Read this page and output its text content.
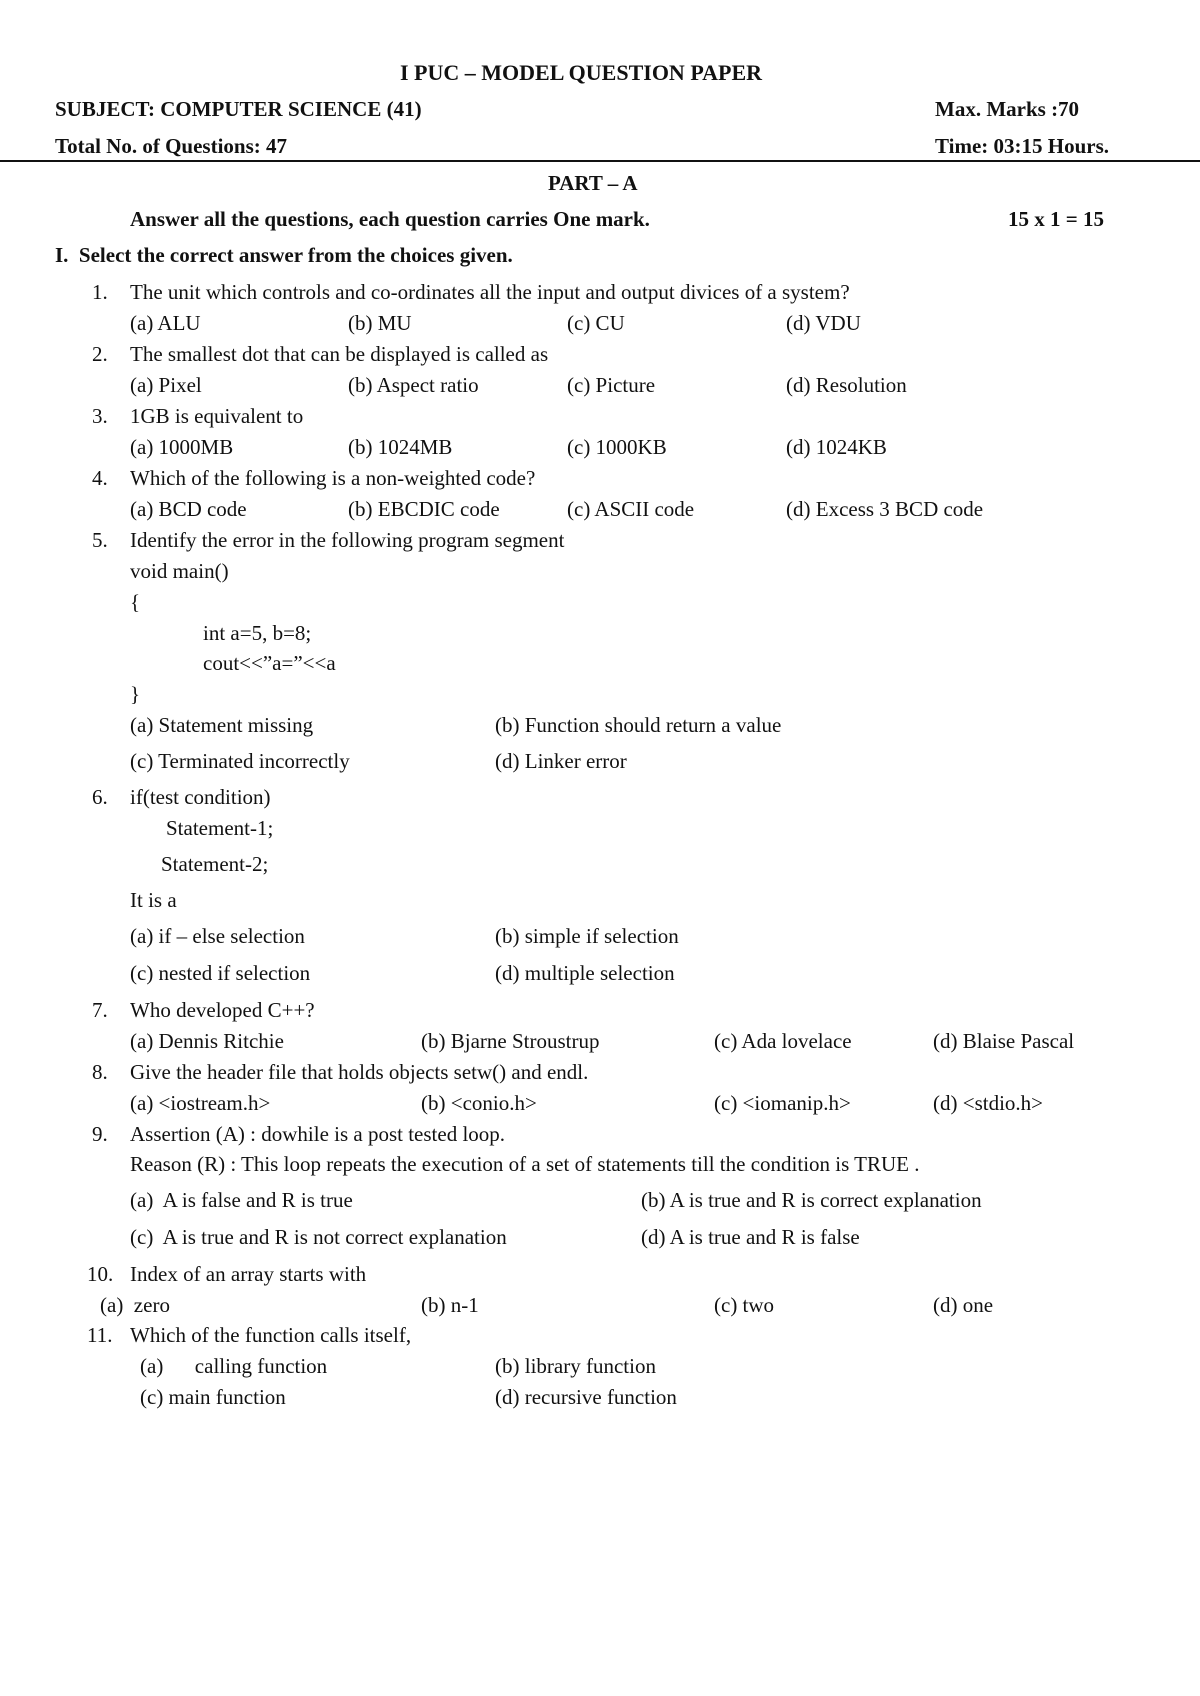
I PUC – MODEL QUESTION PAPER
SUBJECT: COMPUTER SCIENCE (41)	Max. Marks :70
Total No. of Questions: 47	Time: 03:15 Hours.
PART – A
Answer all the questions, each question carries One mark.	15 x 1 = 15
I.  Select the correct answer from the choices given.
1. The unit which controls and co-ordinates all the input and output divices of a system?
(a) ALU	(b) MU	(c) CU	(d) VDU
2. The smallest dot that can be displayed is called as
(a) Pixel	(b) Aspect ratio	(c) Picture	(d) Resolution
3. 1GB is equivalent to
(a) 1000MB	(b) 1024MB	(c) 1000KB	(d) 1024KB
4. Which of the following is a non-weighted code?
(a) BCD code	(b) EBCDIC code	(c) ASCII code	(d) Excess 3 BCD code
5. Identify the error in the following program segment
void main()
{
int a=5, b=8;
cout<<”a=”<<a
}
(a) Statement missing	(b) Function should return a value
(c) Terminated incorrectly	(d) Linker error
6. if(test condition)
Statement-1;
Statement-2;
It is a
(a) if – else selection	(b) simple if selection
(c) nested if selection	(d) multiple selection
7. Who developed C++?
(a) Dennis Ritchie	(b) Bjarne Stroustrup	(c) Ada lovelace	(d) Blaise Pascal
8. Give the header file that holds objects setw() and endl.
(a) <iostream.h>	(b) <conio.h>	(c) <iomanip.h>	(d) <stdio.h>
9. Assertion (A) : dowhile is a post tested loop.
Reason (R) : This loop repeats the execution of a set of statements till the condition is TRUE .
(a)  A is false and R is true	(b) A is true and R is correct explanation
(c)  A is true and R is not correct explanation	(d) A is true and R is false
10. Index of an array starts with
(a)  zero	(b) n-1	(c) two	(d) one
11. Which of the function calls itself,
(a)      calling function	(b) library function
(c) main function	(d) recursive function
